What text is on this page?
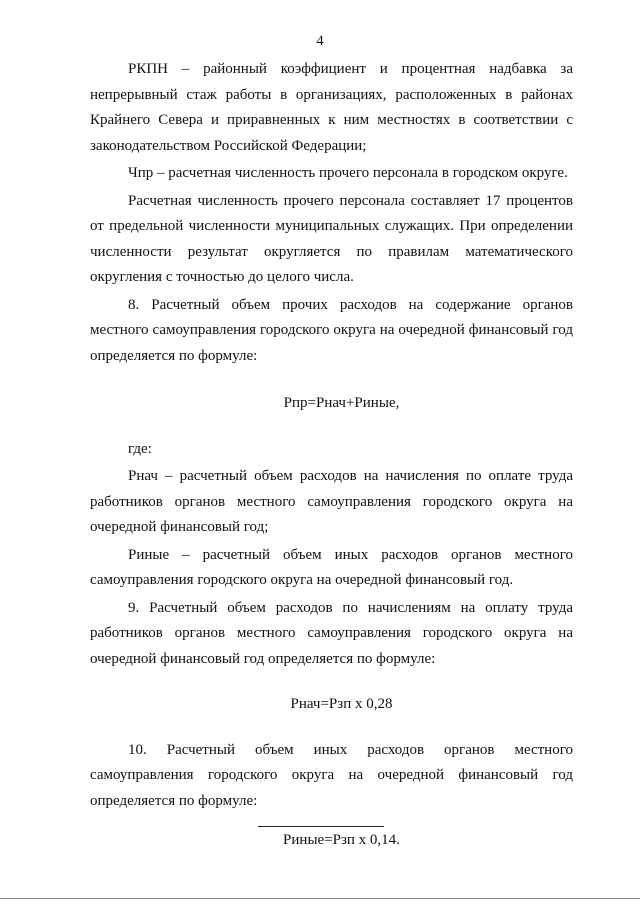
4

РКПН – районный коэффициент и процентная надбавка за непрерывный стаж работы в организациях, расположенных в районах Крайнего Севера и приравненных к ним местностях в соответствии с законодательством Российской Федерации;

Чпр – расчетная численность прочего персонала в городском округе.

Расчетная численность прочего персонала составляет 17 процентов от предельной численности муниципальных служащих. При определении численности результат округляется по правилам математического округления с точностью до целого числа.

8. Расчетный объем прочих расходов на содержание органов местного самоуправления городского округа на очередной финансовый год определяется по формуле:

Рпр=Рнач+Риные,

где:

Рнач – расчетный объем расходов на начисления по оплате труда работников органов местного самоуправления городского округа на очередной финансовый год;

Риные – расчетный объем иных расходов органов местного самоуправления городского округа на очередной финансовый год.

9. Расчетный объем расходов по начислениям на оплату труда работников органов местного самоуправления городского округа на очередной финансовый год определяется по формуле:

Рнач=Рзп х 0,28

10. Расчетный объем иных расходов органов местного самоуправления городского округа на очередной финансовый год определяется по формуле:

Риные=Рзп х 0,14.
